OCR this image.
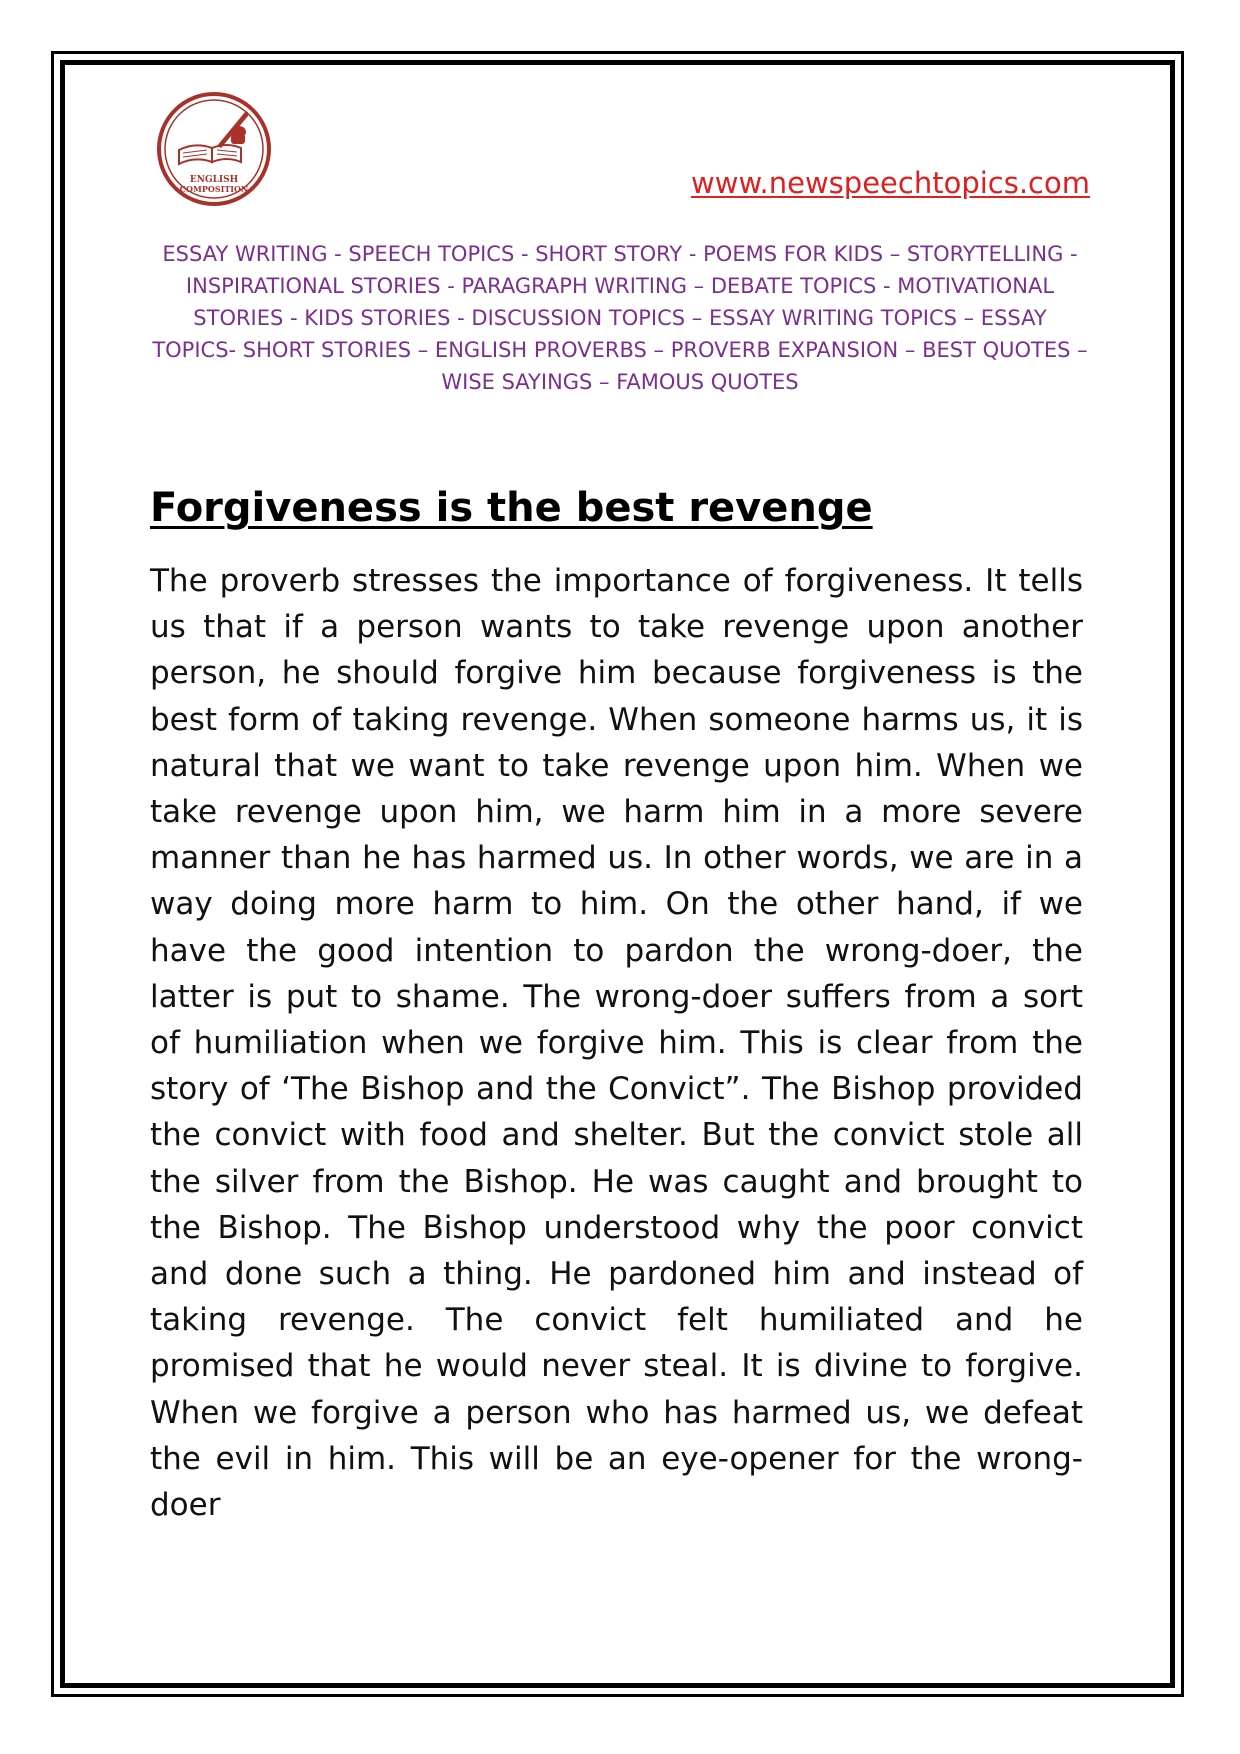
ENGLISH
COMPOSITION	www.newspeechtopics.com
ESSAY WRITING - SPEECH TOPICS - SHORT STORY - POEMS FOR KIDS – STORYTELLING -INSPIRATIONAL STORIES - PARAGRAPH WRITING – DEBATE TOPICS - MOTIVATIONAL STORIES - KIDS STORIES - DISCUSSION TOPICS – ESSAY WRITING TOPICS – ESSAY TOPICS- SHORT STORIES – ENGLISH PROVERBS – PROVERB EXPANSION – BEST QUOTES – WISE SAYINGS – FAMOUS QUOTES
Forgiveness is the best revenge

The proverb stresses the importance of forgiveness. It tells us that if a person wants to take revenge upon another person, he should forgive him because forgiveness is the best form of taking revenge. When someone harms us, it is natural that we want to take revenge upon him. When we take revenge upon him, we harm him in a more severe manner than he has harmed us. In other words, we are in a way doing more harm to him. On the other hand, if we have the good intention to pardon the wrong-doer, the latter is put to shame. The wrong-doer suffers from a sort of humiliation when we forgive him. This is clear from the story of ‘The Bishop and the Convict”. The Bishop provided the convict with food and shelter. But the convict stole all the silver from the Bishop. He was caught and brought to the Bishop. The Bishop understood why the poor convict and done such a thing. He pardoned him and instead of taking revenge. The convict felt humiliated and he promised that he would never steal. It is divine to forgive. When we forgive a person who has harmed us, we defeat the evil in him. This will be an eye-opener for the wrong-doer
